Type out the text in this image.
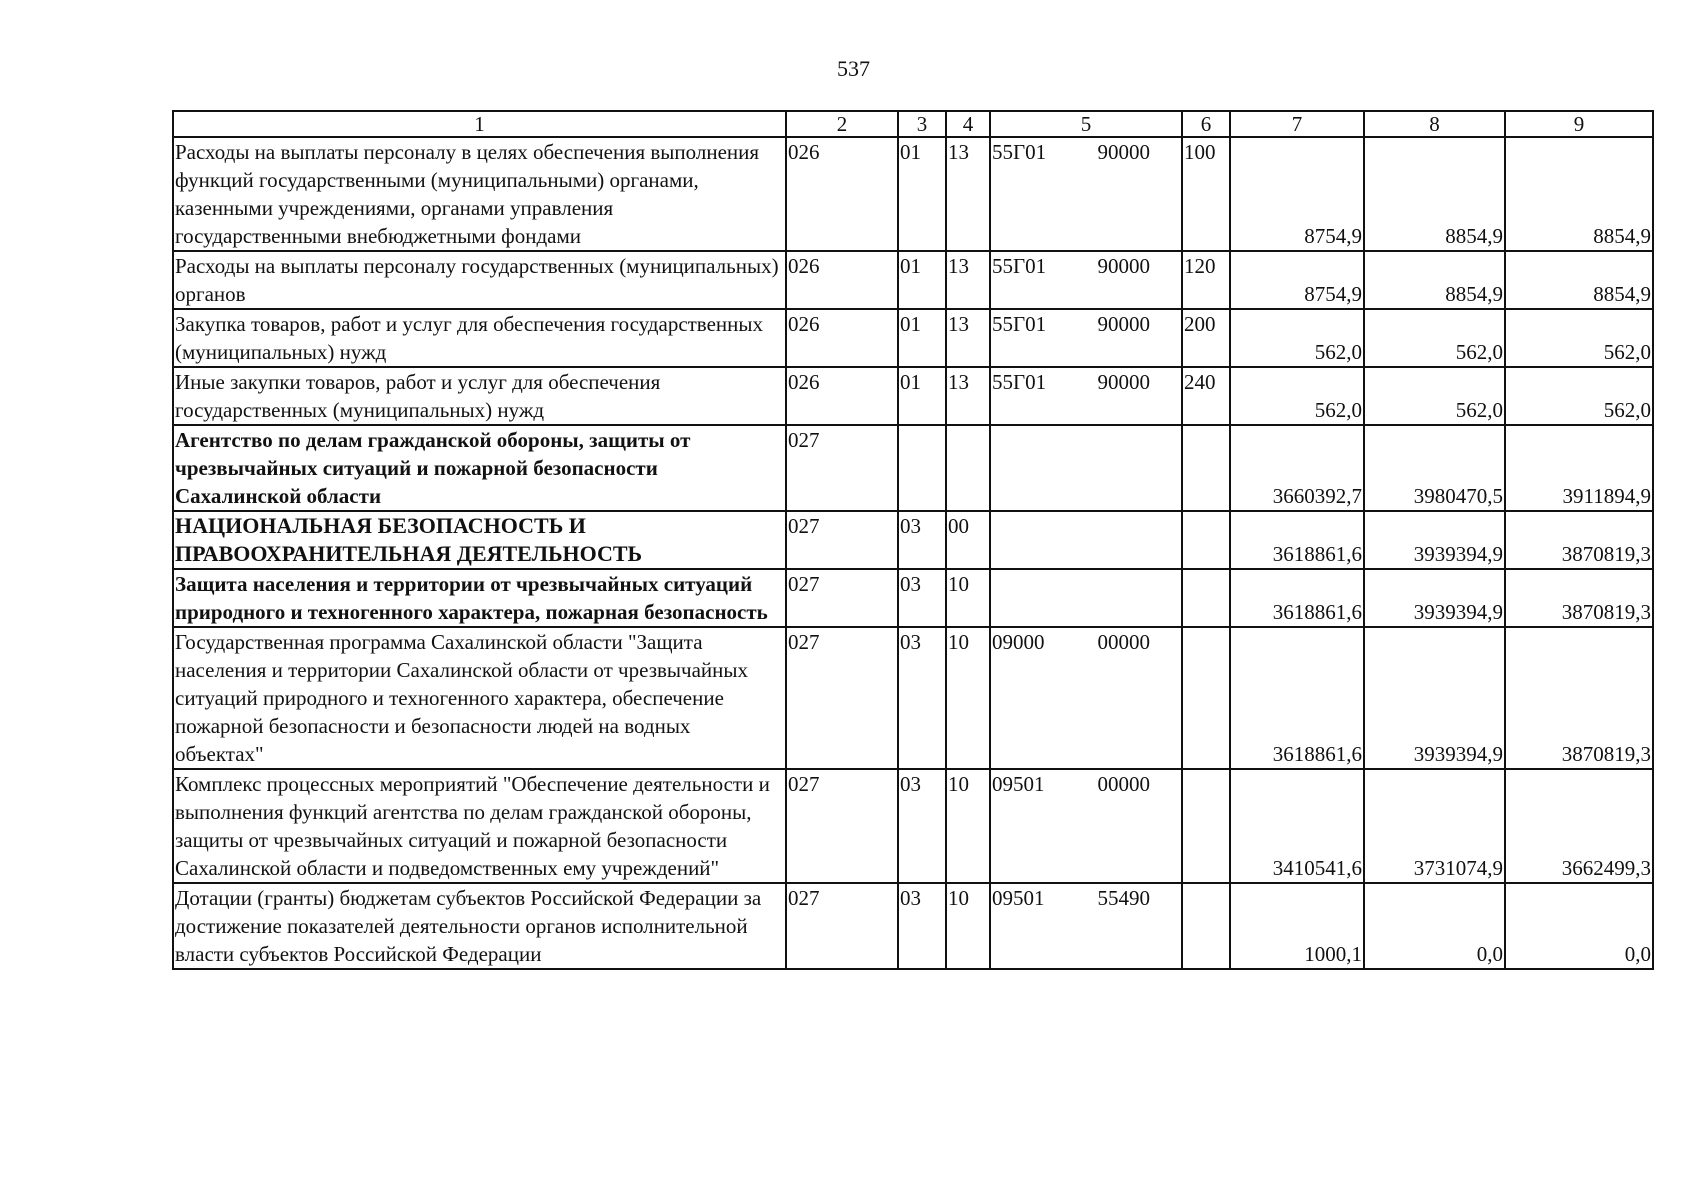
537
1	2	3	4	5	6	7	8	9
Расходы на выплаты персоналу в целях обеспечения выполнения функций государственными (муниципальными) органами, казенными учреждениями, органами управления государственными внебюджетными фондами	026	01	13	55Г01 90000	100	8754,9	8854,9	8854,9
Расходы на выплаты персоналу государственных (муниципальных) органов	026	01	13	55Г01 90000	120	8754,9	8854,9	8854,9
Закупка товаров, работ и услуг для обеспечения государственных (муниципальных) нужд	026	01	13	55Г01 90000	200	562,0	562,0	562,0
Иные закупки товаров, работ и услуг для обеспечения государственных (муниципальных) нужд	026	01	13	55Г01 90000	240	562,0	562,0	562,0
Агентство по делам гражданской обороны, защиты от чрезвычайных ситуаций и пожарной безопасности Сахалинской области	027					3660392,7	3980470,5	3911894,9
НАЦИОНАЛЬНАЯ БЕЗОПАСНОСТЬ И ПРАВООХРАНИТЕЛЬНАЯ ДЕЯТЕЛЬНОСТЬ	027	03	00			3618861,6	3939394,9	3870819,3
Защита населения и территории от чрезвычайных ситуаций природного и техногенного характера, пожарная безопасность	027	03	10			3618861,6	3939394,9	3870819,3
Государственная программа Сахалинской области "Защита населения и территории Сахалинской области от чрезвычайных ситуаций природного и техногенного характера, обеспечение пожарной безопасности и безопасности людей на водных объектах"	027	03	10	09000 00000		3618861,6	3939394,9	3870819,3
Комплекс процессных мероприятий "Обеспечение деятельности и выполнения функций агентства по делам гражданской обороны, защиты от чрезвычайных ситуаций и пожарной безопасности Сахалинской области и подведомственных ему учреждений"	027	03	10	09501 00000		3410541,6	3731074,9	3662499,3
Дотации (гранты) бюджетам субъектов Российской Федерации за достижение показателей деятельности органов исполнительной власти субъектов Российской Федерации	027	03	10	09501 55490		1000,1	0,0	0,0
